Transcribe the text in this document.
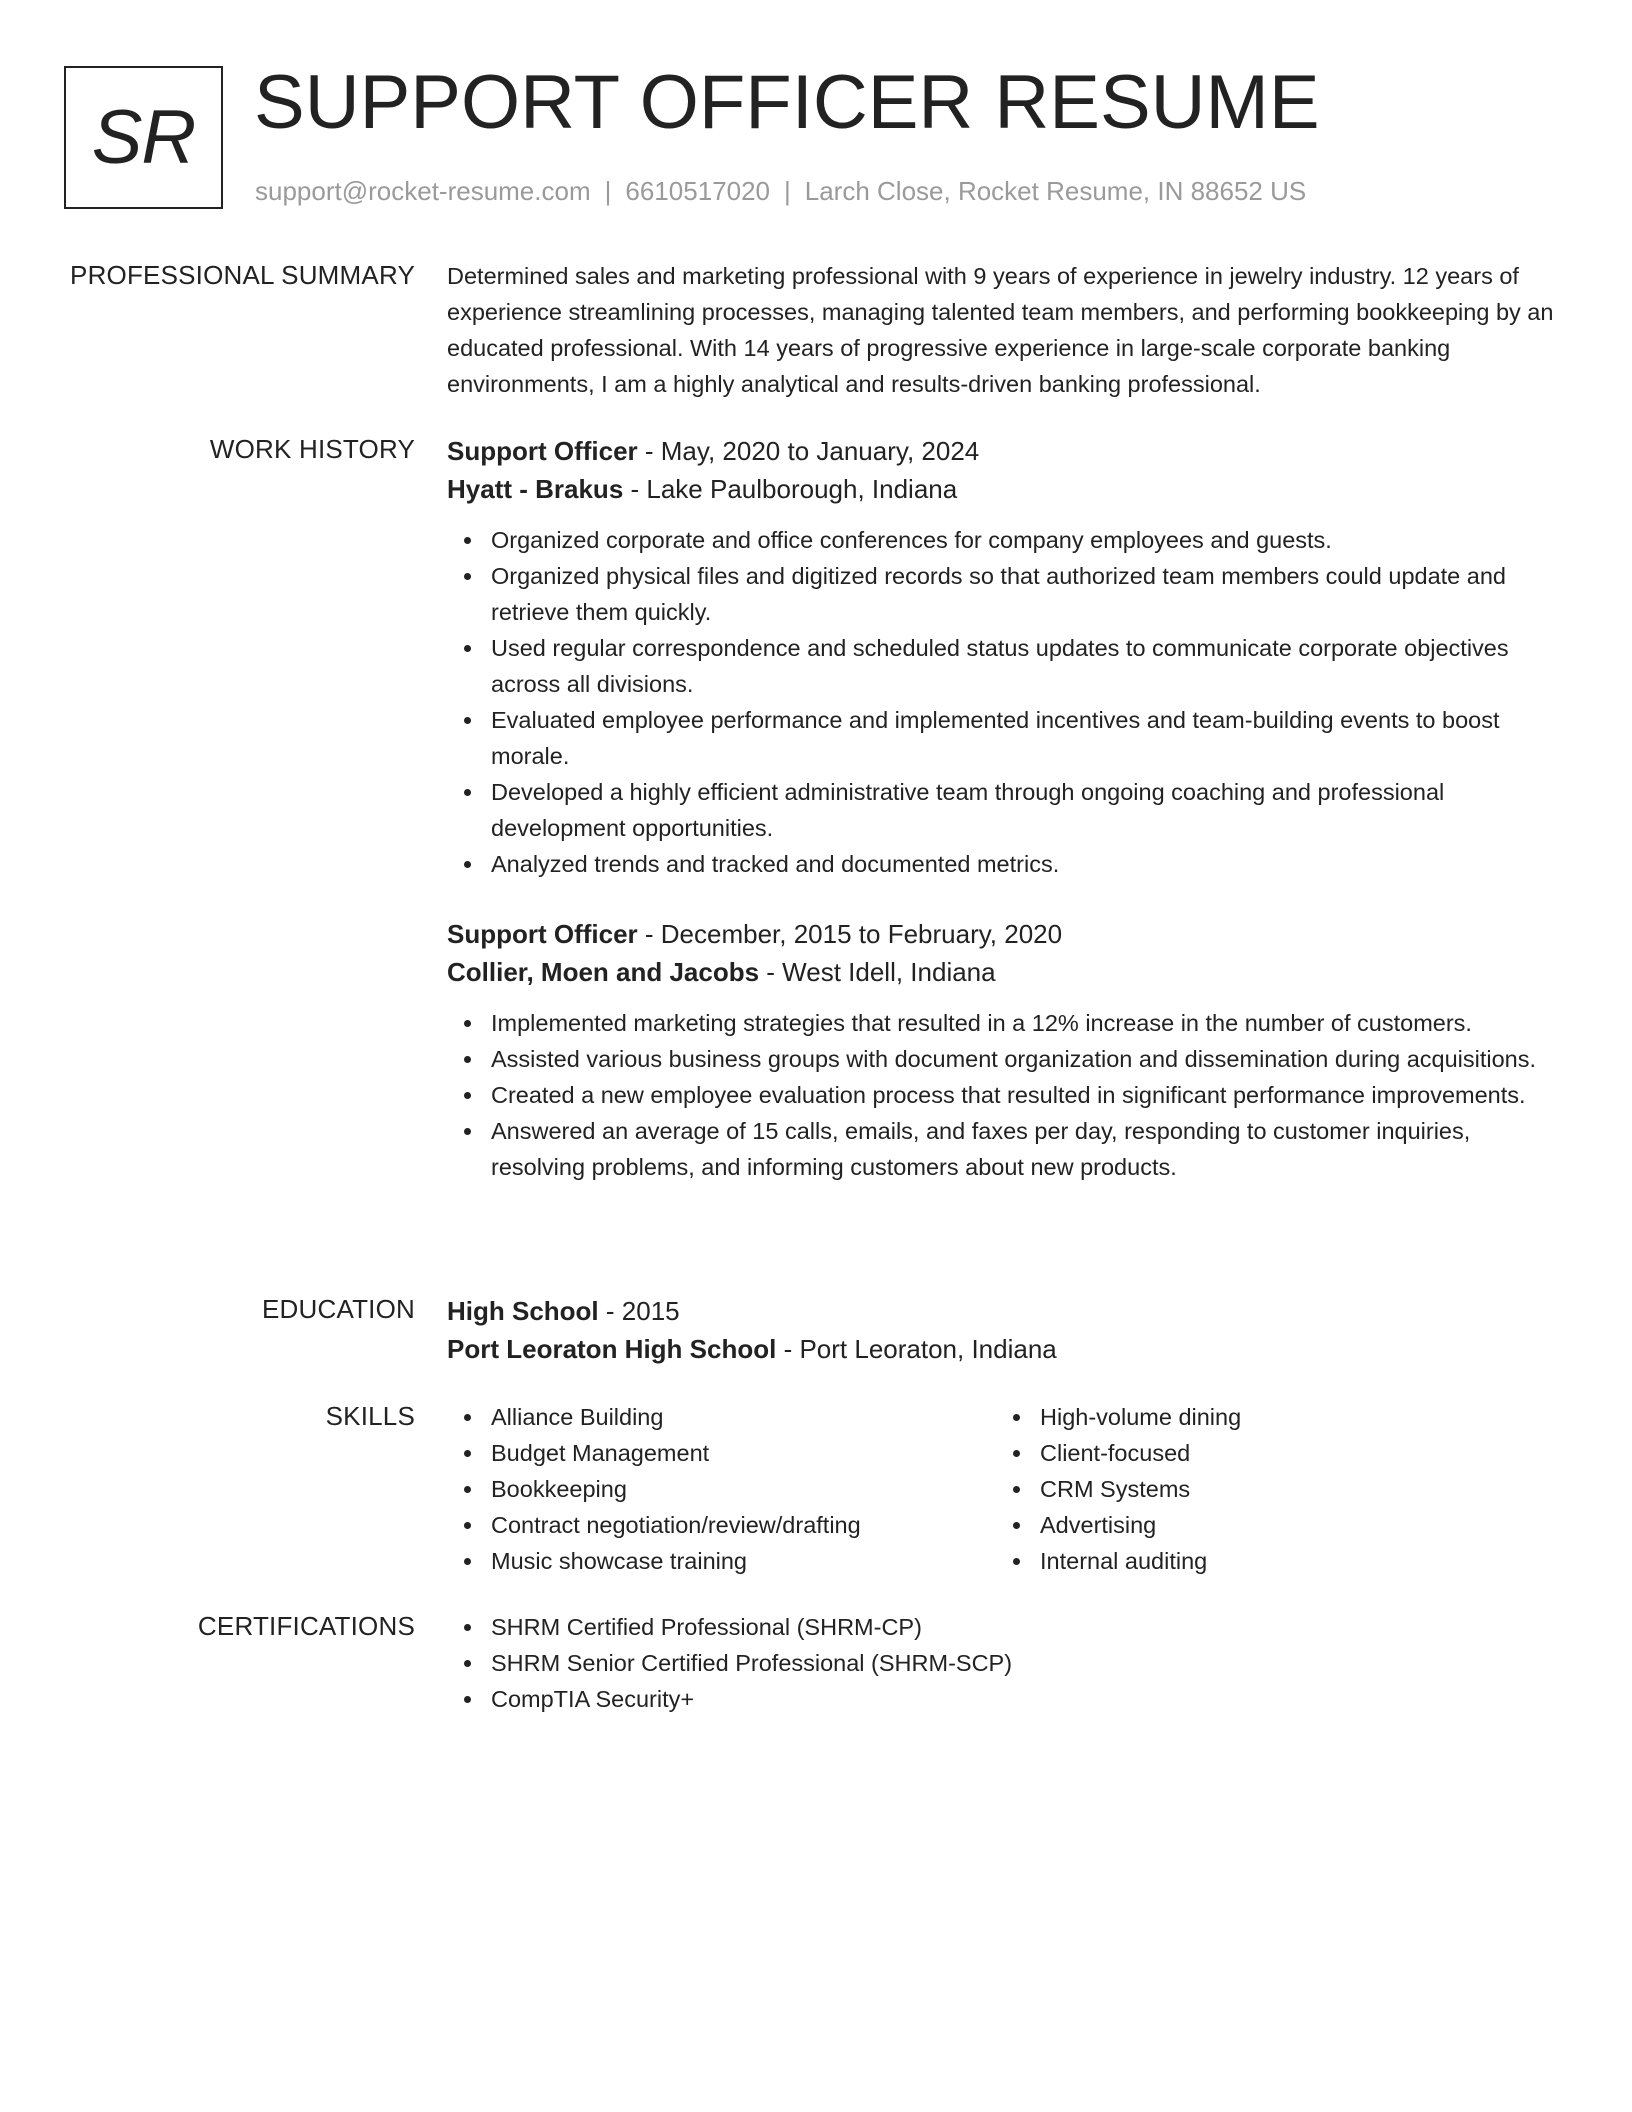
SR SUPPORT OFFICER RESUME
support@rocket-resume.com | 6610517020 | Larch Close, Rocket Resume, IN 88652 US
PROFESSIONAL SUMMARY Determined sales and marketing professional with 9 years of experience in jewelry industry. 12 years of experience streamlining processes, managing talented team members, and performing bookkeeping by an educated professional. With 14 years of progressive experience in large-scale corporate banking environments, I am a highly analytical and results-driven banking professional.

WORK HISTORY Support Officer - May, 2020 to January, 2024
Hyatt - Brakus - Lake Paulborough, Indiana
Organized corporate and office conferences for company employees and guests.
Organized physical files and digitized records so that authorized team members could update and retrieve them quickly.
Used regular correspondence and scheduled status updates to communicate corporate objectives across all divisions.
Evaluated employee performance and implemented incentives and team-building events to boost morale.
Developed a highly efficient administrative team through ongoing coaching and professional development opportunities.
Analyzed trends and tracked and documented metrics.
Support Officer - December, 2015 to February, 2020
Collier, Moen and Jacobs - West Idell, Indiana
Implemented marketing strategies that resulted in a 12% increase in the number of customers.
Assisted various business groups with document organization and dissemination during acquisitions.
Created a new employee evaluation process that resulted in significant performance improvements.
Answered an average of 15 calls, emails, and faxes per day, responding to customer inquiries, resolving problems, and informing customers about new products.
EDUCATION High School - 2015
Port Leoraton High School - Port Leoraton, Indiana
SKILLS	Alliance Building
Budget Management
Bookkeeping
Contract negotiation/review/drafting
Music showcase training
High-volume dining
Client-focused
CRM Systems
Advertising
Internal auditing
CERTIFICATIONS	SHRM Certified Professional (SHRM-CP)
SHRM Senior Certified Professional (SHRM-SCP)
CompTIA Security+
